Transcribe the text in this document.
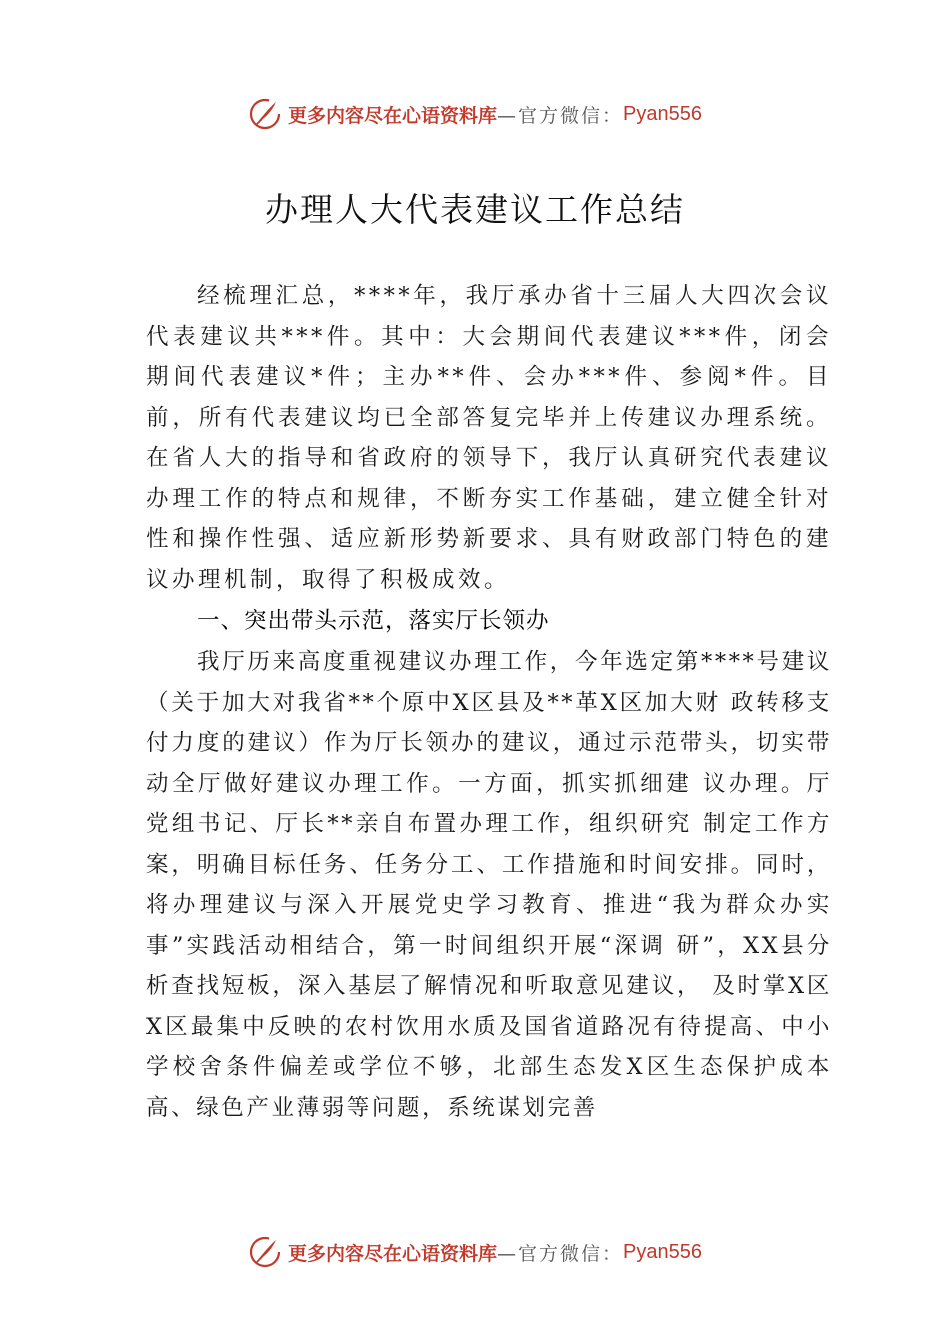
更多内容尽在心语资料库 —官方微信： Pyan556
办理人大代表建议工作总结

经梳理汇总，****年，我厅承办省十三届人大四次会议代表建议共***件。其中：大会期间代表建议***件，闭会期间代表建议*件；主办**件、会办***件、参阅*件。目前，所有代表建议均已全部答复完毕并上传建议办理系统。在省人大的指导和省政府的领导下，我厅认真研究代表建议办理工作的特点和规律，不断夯实工作基础，建立健全针对性和操作性强、适应新形势新要求、具有财政部门特色的建议办理机制，取得了积极成效。

一、突出带头示范，落实厅长领办

我厅历来高度重视建议办理工作，今年选定第****号建议（关于加大对我省**个原中X区县及**革X区加大财 政转移支付力度的建议）作为厅长领办的建议，通过示范带头，切实带动全厅做好建议办理工作。一方面，抓实抓细建 议办理。厅党组书记、厅长**亲自布置办理工作，组织研究 制定工作方案，明确目标任务、任务分工、工作措施和时间安排。同时，将办理建议与深入开展党史学习教育、推进“我为群众办实事”实践活动相结合，第一时间组织开展“深调 研”，XX县分析查找短板，深入基层了解情况和听取意见建议， 及时掌X区X区最集中反映的农村饮用水质及国省道路况有待提高、中小学校舍条件偏差或学位不够，北部生态发X区生态保护成本高、绿色产业薄弱等问题，系统谋划完善

更多内容尽在心语资料库 —官方微信： Pyan556
